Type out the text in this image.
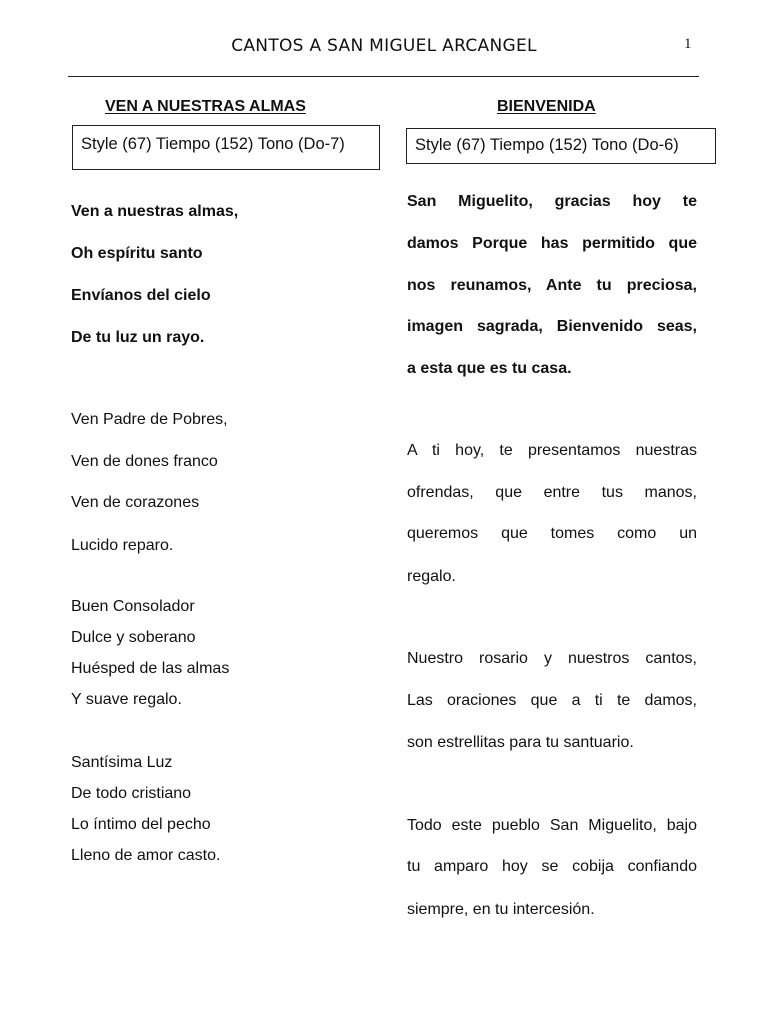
CANTOS A SAN MIGUEL ARCANGEL	1
VEN A NUESTRAS ALMAS
Style (67) Tiempo (152) Tono (Do-7)
Ven a nuestras almas,
Oh espíritu santo
Envíanos del cielo
De tu luz un rayo.
Ven Padre de Pobres,
Ven de dones franco
Ven de corazones
Lucido reparo.
Buen Consolador
Dulce y soberano
Huésped de las almas
Y suave regalo.
Santísima Luz
De todo cristiano
Lo íntimo del pecho
Lleno de amor casto.
BIENVENIDA
Style (67) Tiempo (152) Tono (Do-6)
San Miguelito, gracias hoy te
damos Porque has permitido que
nos reunamos, Ante tu preciosa,
imagen sagrada, Bienvenido seas,
a esta que es tu casa.
A ti hoy, te presentamos nuestras
ofrendas, que entre tus manos,
queremos que tomes como un
regalo.
Nuestro rosario y nuestros cantos,
Las oraciones que a ti te damos,
son estrellitas para tu santuario.
Todo este pueblo San Miguelito, bajo
tu amparo hoy se cobija confiando
siempre, en tu intercesión.
